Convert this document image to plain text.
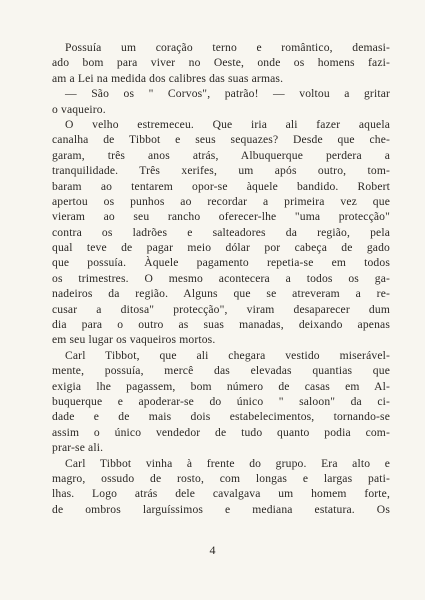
Possuía um coração terno e romântico, demasi-
ado bom para viver no Oeste, onde os homens fazi-
am a Lei na medida dos calibres das suas armas.
— São os " Corvos", patrão! — voltou a gritar
o vaqueiro.
O velho estremeceu. Que iria ali fazer aquela
canalha de Tibbot e seus sequazes? Desde que che-
garam, três anos atrás, Albuquerque perdera a
tranquilidade. Três xerifes, um após outro, tom-
baram ao tentarem opor-se àquele bandido. Robert
apertou os punhos ao recordar a primeira vez que
vieram ao seu rancho oferecer-lhe "uma protecção"
contra os ladrões e salteadores da região, pela
qual teve de pagar meio dólar por cabeça de gado
que possuía. Àquele pagamento repetia-se em todos
os trimestres. O mesmo acontecera a todos os ga-
nadeiros da região. Alguns que se atreveram a re-
cusar a ditosa" protecção", viram desaparecer dum
dia para o outro as suas manadas, deixando apenas
em seu lugar os vaqueiros mortos.
Carl Tibbot, que ali chegara vestido miserável-
mente, possuía, mercê das elevadas quantias que
exigia lhe pagassem, bom número de casas em Al-
buquerque e apoderar-se do único " saloon" da ci-
dade e de mais dois estabelecimentos, tornando-se
assim o único vendedor de tudo quanto podia com-
prar-se ali.
Carl Tibbot vinha à frente do grupo. Era alto e
magro, ossudo de rosto, com longas e largas pati-
lhas. Logo atrás dele cavalgava um homem forte,
de ombros larguíssimos e mediana estatura. Os
4
